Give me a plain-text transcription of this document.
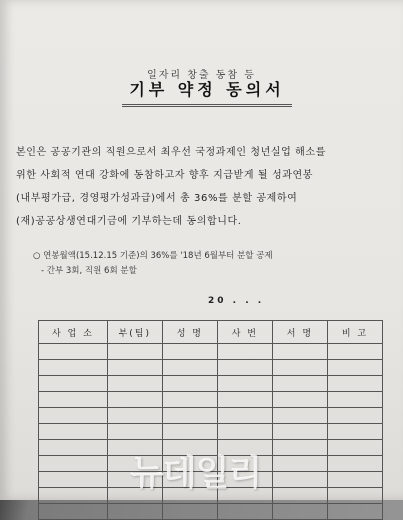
일자리 창출 동참 등
기부 약정 동의서
본인은 공공기관의 직원으로서 최우선 국정과제인 청년실업 해소를
위한 사회적 연대 강화에 동참하고자 향후 지급받게 될 성과연봉
(내부평가급, 경영평가성과급)에서 총 36%를 분할 공제하여
(재)공공상생연대기금에 기부하는데 동의합니다.
○ 연봉월액(15.12.15 기준)의 36%를 '18년 6월부터 분할 공제
- 간부 3회, 직원 6회 분할
20 . . .
사 업 소	부(팀)	성 명	사 번	서 명	비 고

뉴데일리
